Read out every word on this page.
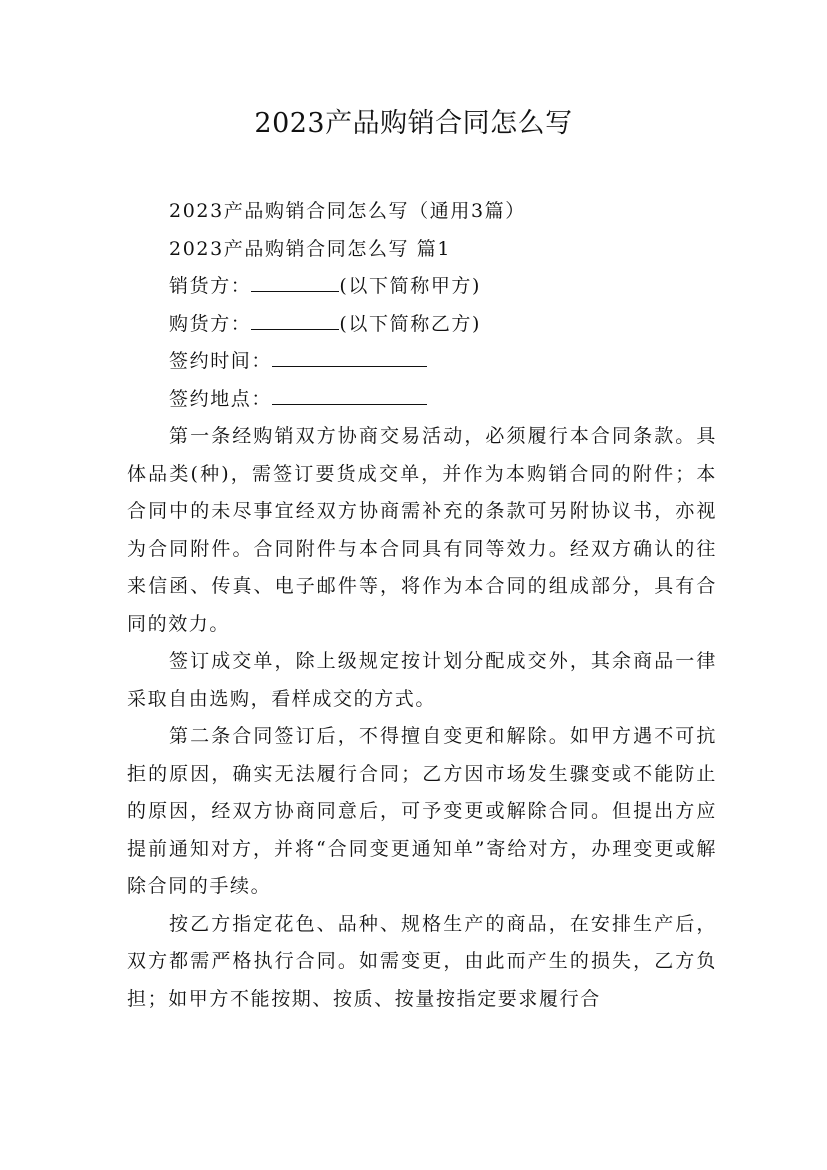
2023产品购销合同怎么写

2023产品购销合同怎么写（通用3篇）

2023产品购销合同怎么写 篇1

销货方：	(以下简称甲方)

购货方：	(以下简称乙方)

签约时间：

签约地点：

第一条经购销双方协商交易活动，必须履行本合同条款。具体品类(种)，需签订要货成交单，并作为本购销合同的附件；本合同中的未尽事宜经双方协商需补充的条款可另附协议书，亦视为合同附件。合同附件与本合同具有同等效力。经双方确认的往来信函、传真、电子邮件等，将作为本合同的组成部分，具有合同的效力。

签订成交单，除上级规定按计划分配成交外，其余商品一律采取自由选购，看样成交的方式。

第二条合同签订后，不得擅自变更和解除。如甲方遇不可抗拒的原因，确实无法履行合同；乙方因市场发生骤变或不能防止的原因，经双方协商同意后，可予变更或解除合同。但提出方应提前通知对方，并将“合同变更通知单”寄给对方，办理变更或解除合同的手续。

按乙方指定花色、品种、规格生产的商品，在安排生产后，双方都需严格执行合同。如需变更，由此而产生的损失，乙方负担；如甲方不能按期、按质、按量按指定要求履行合
